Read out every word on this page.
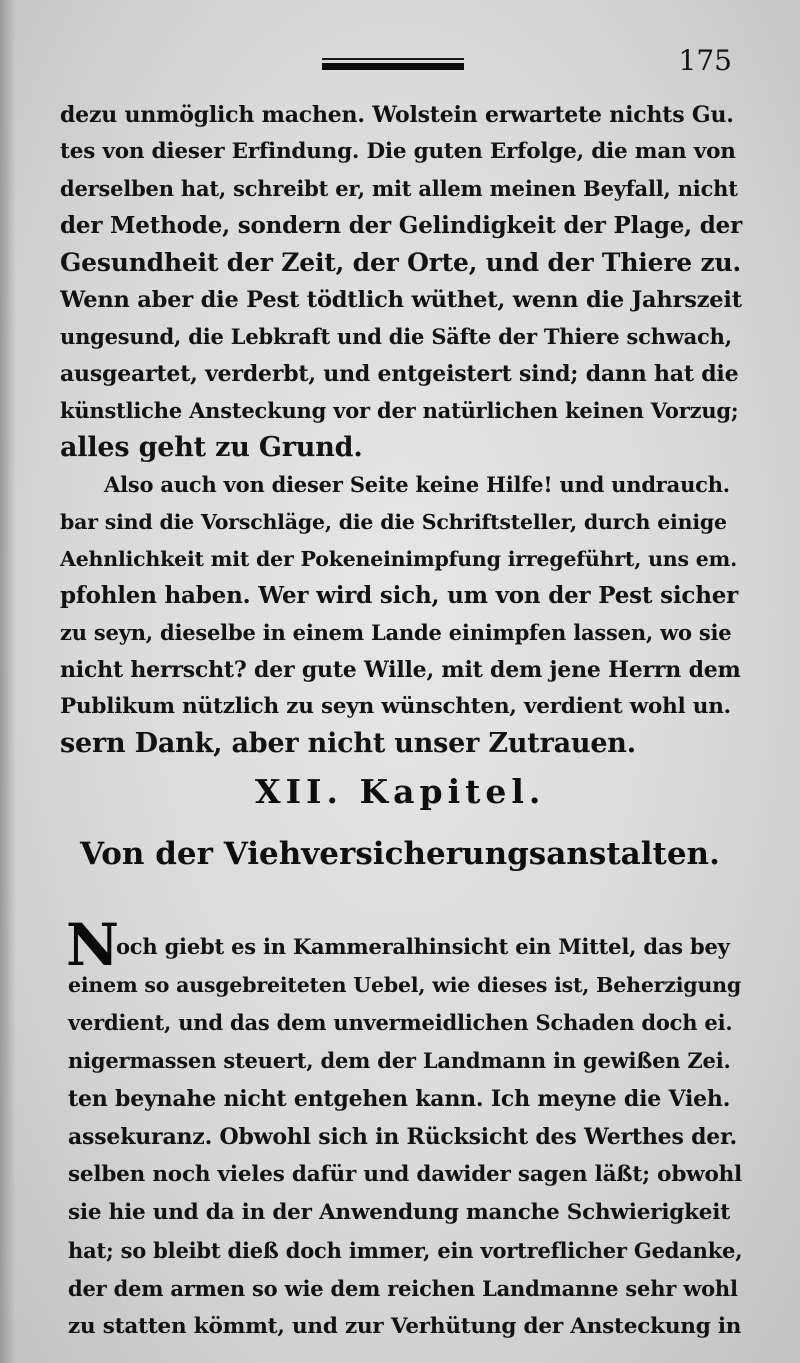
175
dezu unmöglich machen. Wolstein erwartete nichts Gu.
tes von dieser Erfindung. Die guten Erfolge, die man von
derselben hat, schreibt er, mit allem meinen Beyfall, nicht
der Methode, sondern der Gelindigkeit der Plage, der
Gesundheit der Zeit, der Orte, und der Thiere zu.
Wenn aber die Pest tödtlich wüthet, wenn die Jahrszeit
ungesund, die Lebkraft und die Säfte der Thiere schwach,
ausgeartet, verderbt, und entgeistert sind; dann hat die
künstliche Ansteckung vor der natürlichen keinen Vorzug;
alles geht zu Grund.
Also auch von dieser Seite keine Hilfe! und undrauch.
bar sind die Vorschläge, die die Schriftsteller, durch einige
Aehnlichkeit mit der Pokeneinimpfung irregeführt, uns em.
pfohlen haben. Wer wird sich, um von der Pest sicher
zu seyn, dieselbe in einem Lande einimpfen lassen, wo sie
nicht herrscht? der gute Wille, mit dem jene Herrn dem
Publikum nützlich zu seyn wünschten, verdient wohl un.
sern Dank, aber nicht unser Zutrauen.
XII. Kapitel.
Von der Viehversicherungsanstalten.
N
och giebt es in Kammeralhinsicht ein Mittel, das bey
einem so ausgebreiteten Uebel, wie dieses ist, Beherzigung
verdient, und das dem unvermeidlichen Schaden doch ei.
nigermassen steuert, dem der Landmann in gewißen Zei.
ten beynahe nicht entgehen kann. Ich meyne die Vieh.
assekuranz. Obwohl sich in Rücksicht des Werthes der.
selben noch vieles dafür und dawider sagen läßt; obwohl
sie hie und da in der Anwendung manche Schwierigkeit
hat; so bleibt dieß doch immer, ein vortreflicher Gedanke,
der dem armen so wie dem reichen Landmanne sehr wohl
zu statten kömmt, und zur Verhütung der Ansteckung in
